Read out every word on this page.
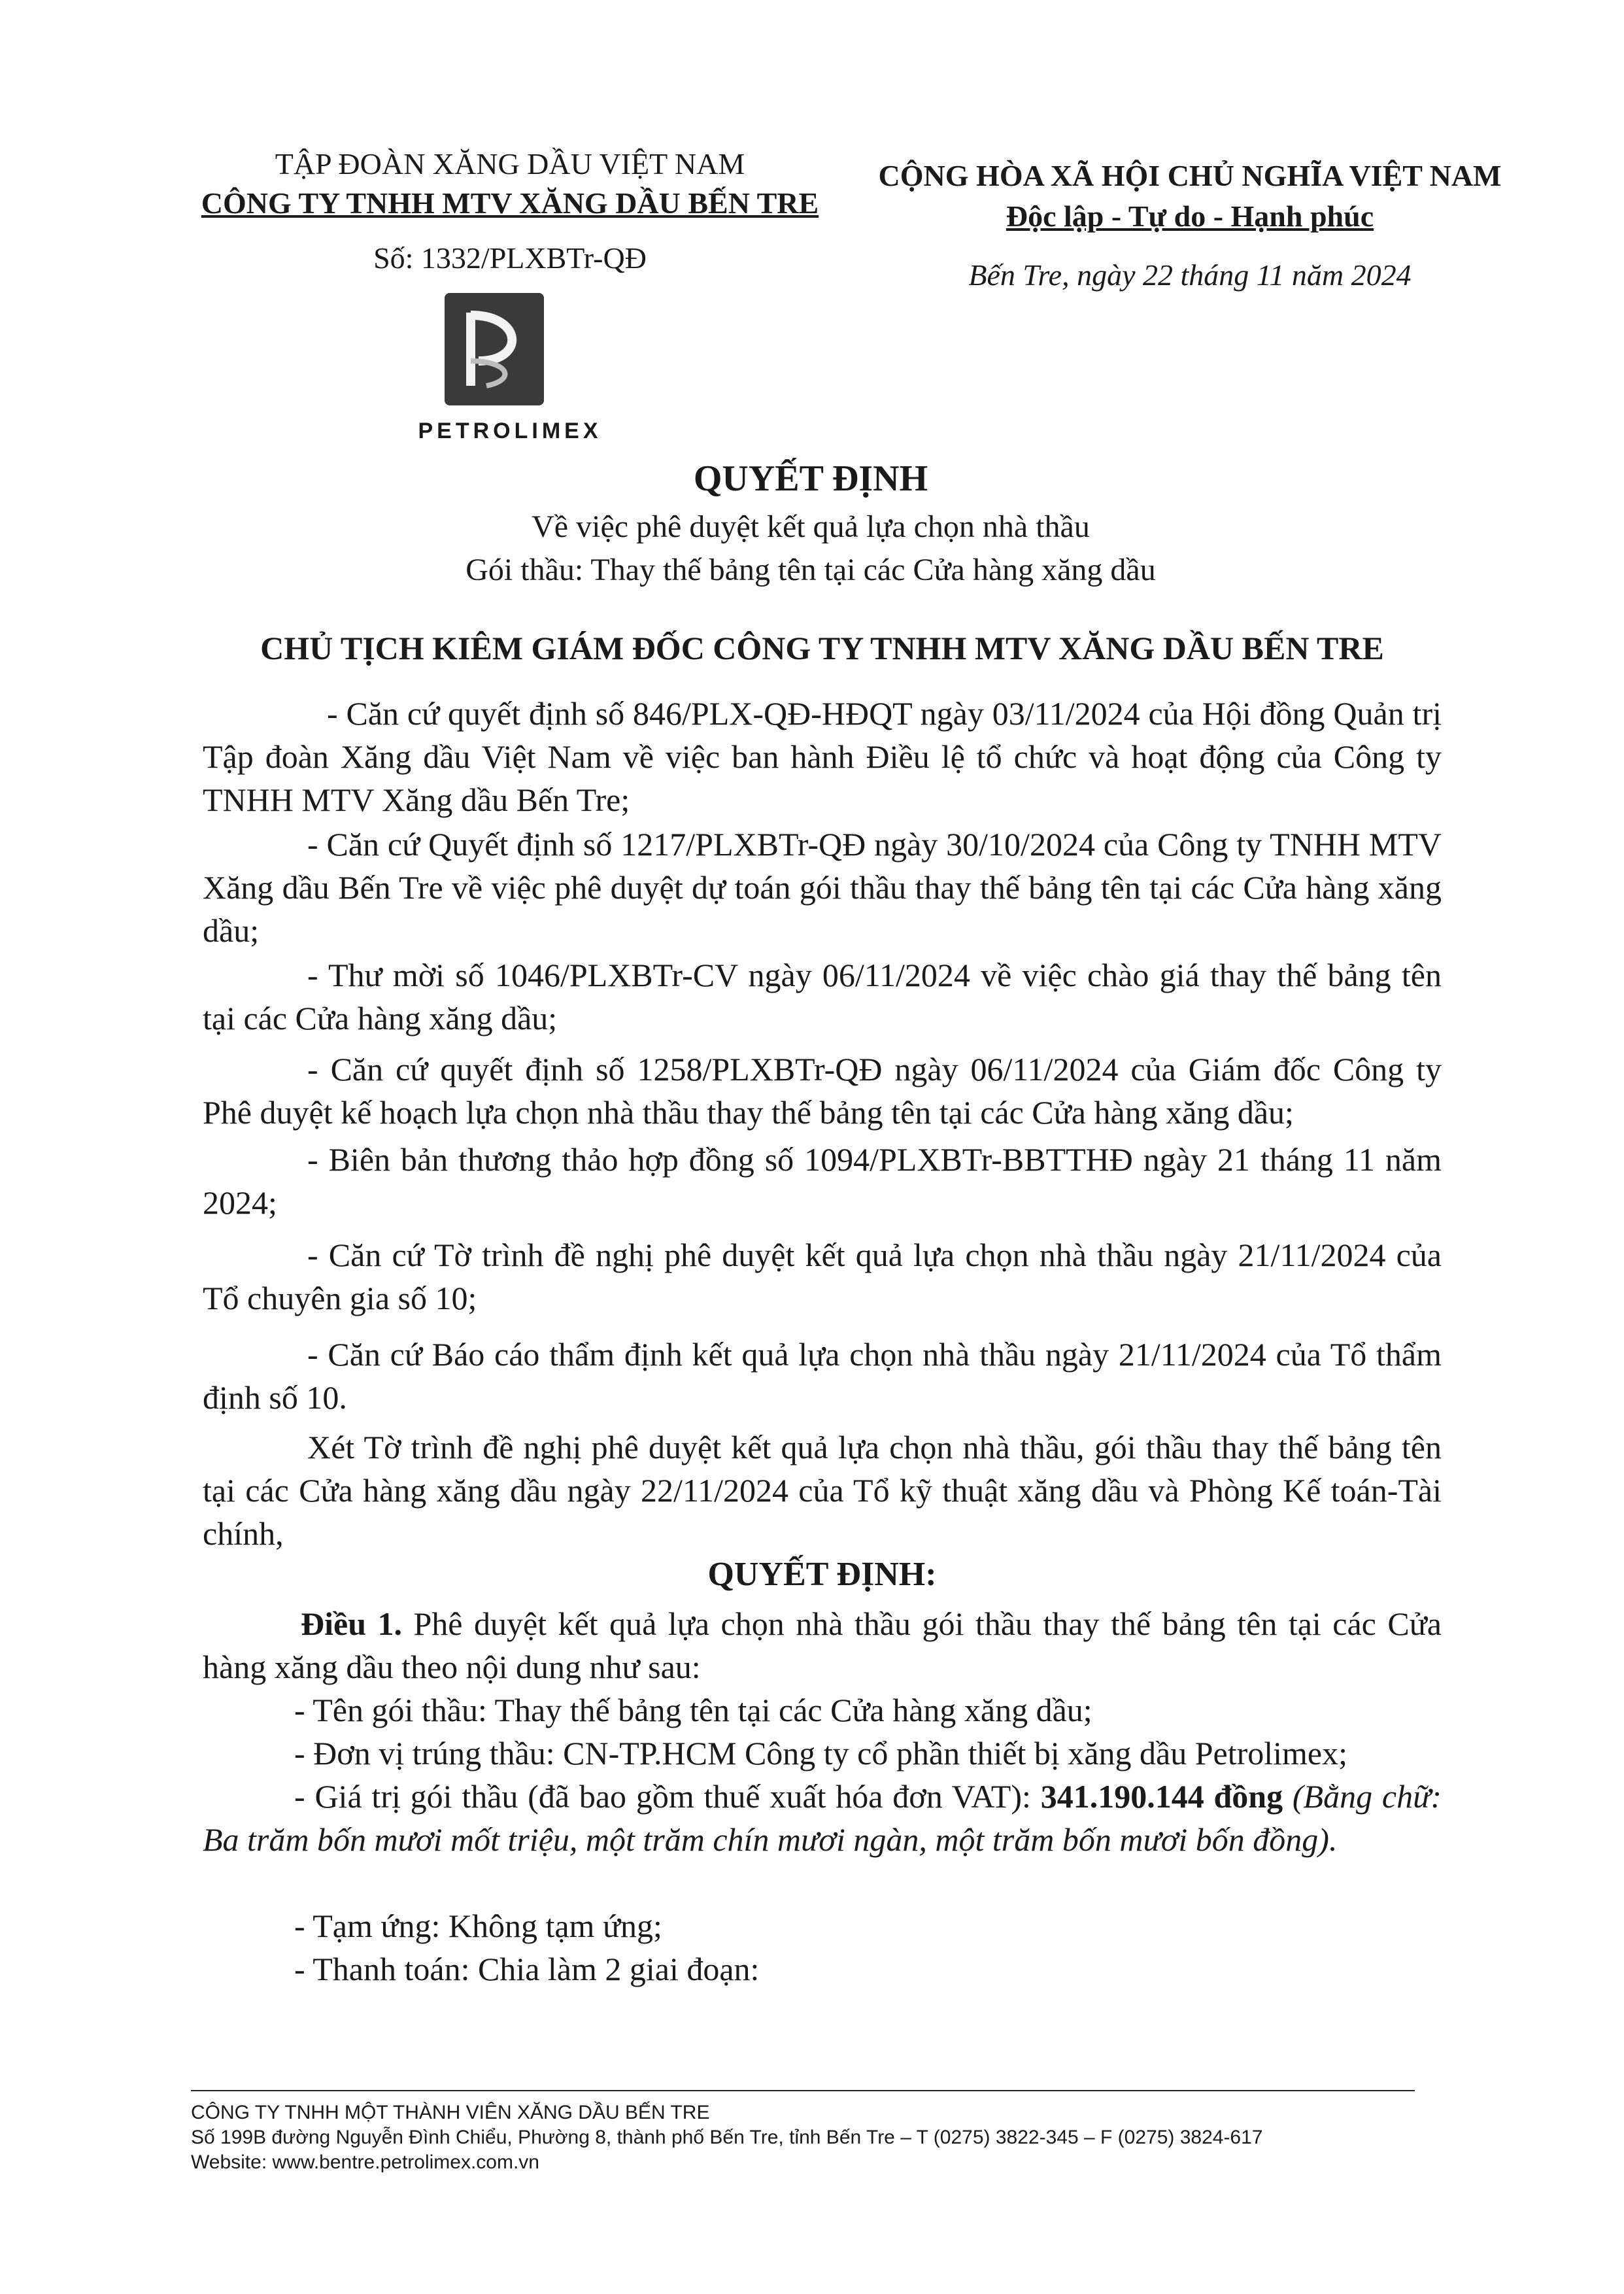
TẬP ĐOÀN XĂNG DẦU VIỆT NAM
CÔNG TY TNHH MTV XĂNG DẦU BẾN TRE
Số: 1332/PLXBTr-QĐ
PETROLIMEX
CỘNG HÒA XÃ HỘI CHỦ NGHĨA VIỆT NAM
Độc lập - Tự do - Hạnh phúc
Bến Tre, ngày 22 tháng 11 năm 2024
QUYẾT ĐỊNH
Về việc phê duyệt kết quả lựa chọn nhà thầu
Gói thầu: Thay thế bảng tên tại các Cửa hàng xăng dầu
CHỦ TỊCH KIÊM GIÁM ĐỐC CÔNG TY TNHH MTV XĂNG DẦU BẾN TRE
- Căn cứ quyết định số 846/PLX-QĐ-HĐQT ngày 03/11/2024 của Hội đồng Quản trị Tập đoàn Xăng dầu Việt Nam về việc ban hành Điều lệ tổ chức và hoạt động của Công ty TNHH MTV Xăng dầu Bến Tre;
- Căn cứ Quyết định số 1217/PLXBTr-QĐ ngày 30/10/2024 của Công ty TNHH MTV Xăng dầu Bến Tre về việc phê duyệt dự toán gói thầu thay thế bảng tên tại các Cửa hàng xăng dầu;
- Thư mời số 1046/PLXBTr-CV ngày 06/11/2024 về việc chào giá thay thế bảng tên tại các Cửa hàng xăng dầu;
- Căn cứ quyết định số 1258/PLXBTr-QĐ ngày 06/11/2024 của Giám đốc Công ty Phê duyệt kế hoạch lựa chọn nhà thầu thay thế bảng tên tại các Cửa hàng xăng dầu;
- Biên bản thương thảo hợp đồng số 1094/PLXBTr-BBTTHĐ ngày 21 tháng 11 năm 2024;
- Căn cứ Tờ trình đề nghị phê duyệt kết quả lựa chọn nhà thầu ngày 21/11/2024 của Tổ chuyên gia số 10;
- Căn cứ Báo cáo thẩm định kết quả lựa chọn nhà thầu ngày 21/11/2024 của Tổ thẩm định số 10.
Xét Tờ trình đề nghị phê duyệt kết quả lựa chọn nhà thầu, gói thầu thay thế bảng tên tại các Cửa hàng xăng dầu ngày 22/11/2024 của Tổ kỹ thuật xăng dầu và Phòng Kế toán-Tài chính,
QUYẾT ĐỊNH:
Điều 1. Phê duyệt kết quả lựa chọn nhà thầu gói thầu thay thế bảng tên tại các Cửa hàng xăng dầu theo nội dung như sau:
- Tên gói thầu: Thay thế bảng tên tại các Cửa hàng xăng dầu;
- Đơn vị trúng thầu: CN-TP.HCM Công ty cổ phần thiết bị xăng dầu Petrolimex;
- Giá trị gói thầu (đã bao gồm thuế xuất hóa đơn VAT): 341.190.144 đồng (Bằng chữ: Ba trăm bốn mươi mốt triệu, một trăm chín mươi ngàn, một trăm bốn mươi bốn đồng).
- Tạm ứng: Không tạm ứng;
- Thanh toán: Chia làm 2 giai đoạn:
CÔNG TY TNHH MỘT THÀNH VIÊN XĂNG DẦU BẾN TRE
Số 199B đường Nguyễn Đình Chiểu, Phường 8, thành phố Bến Tre, tỉnh Bến Tre – T (0275) 3822-345 – F (0275) 3824-617
Website: www.bentre.petrolimex.com.vn
